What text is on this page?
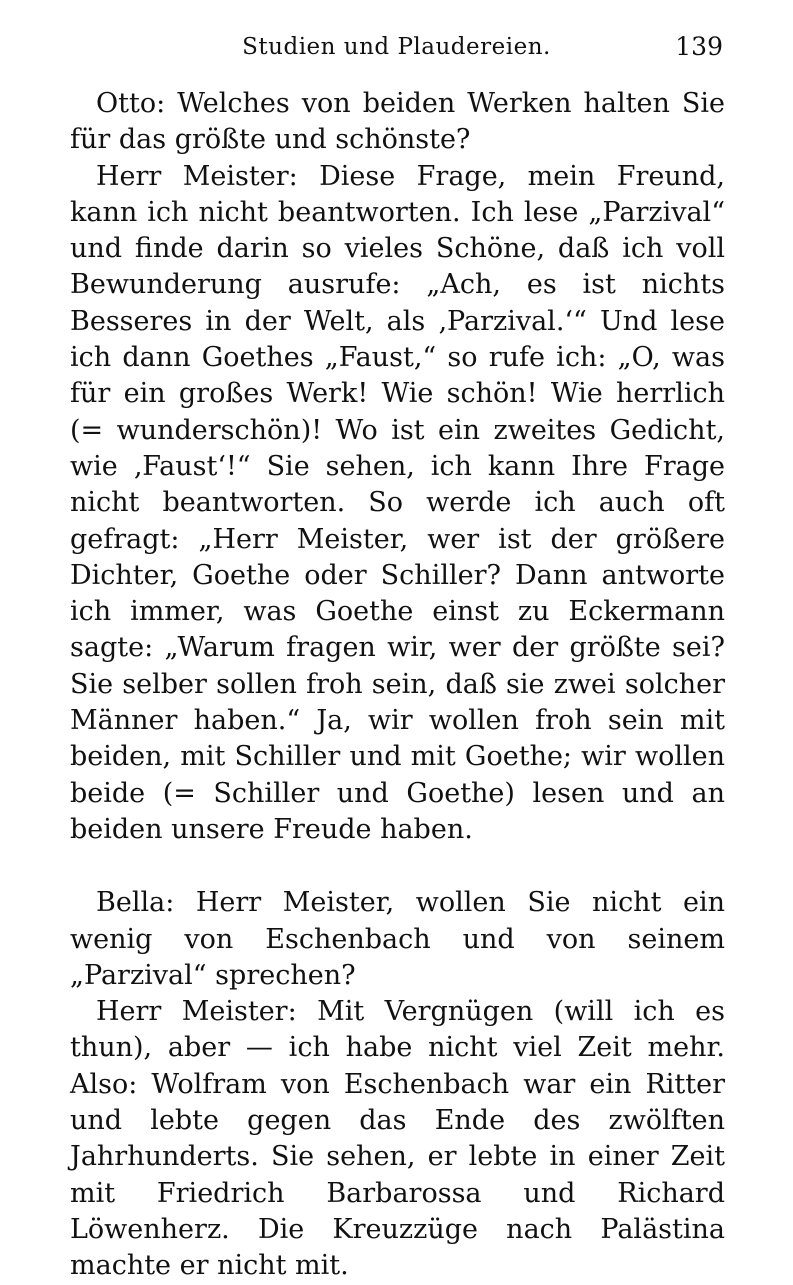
Studien und Plaudereien.	139

Otto: Welches von beiden Werken halten Sie für das größte und schönste?

Herr Meister: Diese Frage, mein Freund, kann ich nicht beantworten. Ich lese „Parzival“ und finde darin so vieles Schöne, daß ich voll Bewunderung ausrufe: „Ach, es ist nichts Besseres in der Welt, als ‚Parzival.‘“ Und lese ich dann Goethes „Faust,“ so rufe ich: „O, was für ein großes Werk! Wie schön! Wie herrlich (= wunderschön)! Wo ist ein zweites Gedicht, wie ‚Faust‘!“ Sie sehen, ich kann Ihre Frage nicht beantworten. So werde ich auch oft gefragt: „Herr Meister, wer ist der größere Dichter, Goethe oder Schiller? Dann antworte ich immer, was Goethe einst zu Eckermann sagte: „Warum fragen wir, wer der größte sei? Sie selber sollen froh sein, daß sie zwei solcher Männer haben.“ Ja, wir wollen froh sein mit beiden, mit Schiller und mit Goethe; wir wollen beide (= Schiller und Goethe) lesen und an beiden unsere Freude haben.

Bella: Herr Meister, wollen Sie nicht ein wenig von Eschenbach und von seinem „Parzival“ sprechen?

Herr Meister: Mit Vergnügen (will ich es thun), aber — ich habe nicht viel Zeit mehr. Also: Wolfram von Eschenbach war ein Ritter und lebte gegen das Ende des zwölften Jahrhunderts. Sie sehen, er lebte in einer Zeit mit Friedrich Barbarossa und Richard Löwenherz. Die Kreuzzüge nach Palästina machte er nicht mit.
